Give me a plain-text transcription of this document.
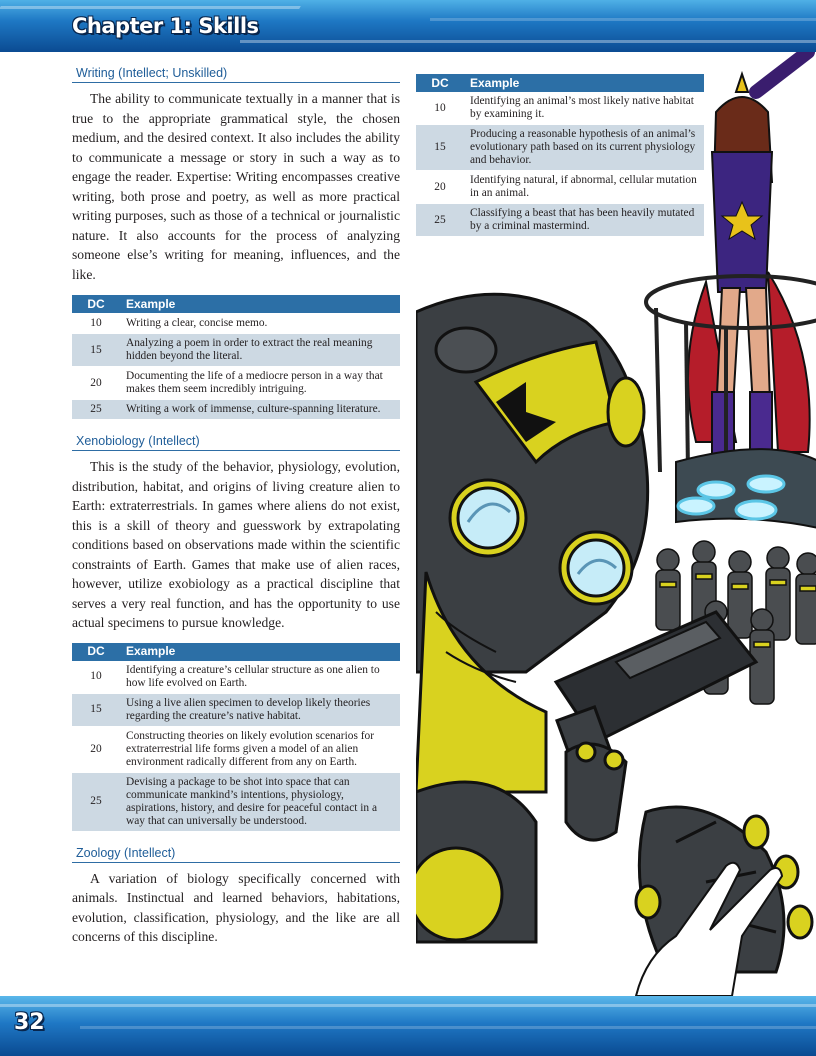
Chapter 1: Skills
Writing (Intellect; Unskilled)

The ability to communicate textually in a manner that is true to the appropriate grammatical style, the chosen medium, and the desired context. It also includes the ability to communicate a message or story in such a way as to engage the reader. Expertise: Writing encompasses creative writing, both prose and poetry, as well as more practical writing purposes, such as those of a technical or journalistic nature. It also accounts for the process of analyzing someone else’s writing for meaning, influences, and the like.

DC	Example
10	Writing a clear, concise memo.
15	Analyzing a poem in order to extract the real meaning hidden beyond the literal.
20	Documenting the life of a mediocre person in a way that makes them seem incredibly intriguing.
25	Writing a work of immense, culture-spanning literature.
Xenobiology (Intellect)

This is the study of the behavior, physiology, evolution, distribution, habitat, and origins of living creature alien to Earth: extraterrestrials. In games where aliens do not exist, this is a skill of theory and guesswork by extrapolating conditions based on observations made within the scientific constraints of Earth. Games that make use of alien races, however, utilize exobiology as a practical discipline that serves a very real function, and has the opportunity to use actual specimens to pursue knowledge.

DC	Example
10	Identifying a creature’s cellular structure as one alien to how life evolved on Earth.
15	Using a live alien specimen to develop likely theories regarding the creature’s native habitat.
20	Constructing theories on likely evolution scenarios for extraterrestrial life forms given a model of an alien environment radically different from any on Earth.
25	Devising a package to be shot into space that can communicate mankind’s intentions, physiology, aspirations, history, and desire for peaceful contact in a way that can universally be understood.
Zoology (Intellect)

A variation of biology specifically concerned with animals. Instinctual and learned behaviors, habitations, evolution, classification, physiology, and the like are all concerns of this discipline.

DC	Example
10	Identifying an animal’s most likely native habitat by examining it.
15	Producing a reasonable hypothesis of an animal’s evolutionary path based on its current physiology and behavior.
20	Identifying natural, if abnormal, cellular mutation in an animal.
25	Classifying a beast that has been heavily mutated by a criminal mastermind.
32
